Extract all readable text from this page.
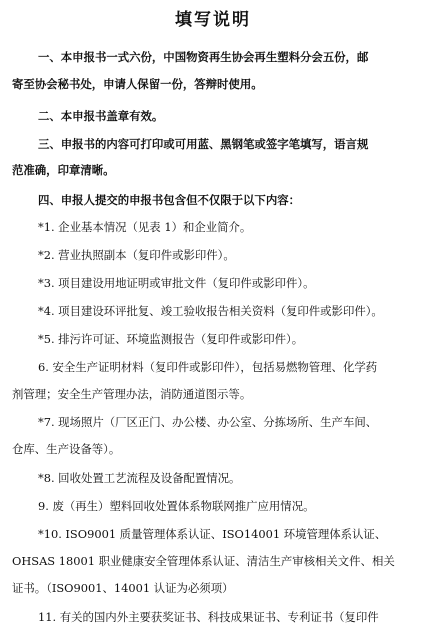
填写说明
一、本申报书一式六份，中国物资再生协会再生塑料分会五份，邮
寄至协会秘书处，申请人保留一份，答辩时使用。
二、本申报书盖章有效。
三、申报书的内容可打印或可用蓝、黑钢笔或签字笔填写，语言规
范准确，印章清晰。
四、申报人提交的申报书包含但不仅限于以下内容：
*1. 企业基本情况（见表 1）和企业简介。
*2. 营业执照副本（复印件或影印件）。
*3. 项目建设用地证明或审批文件（复印件或影印件）。
*4. 项目建设环评批复、竣工验收报告相关资料（复印件或影印件）。
*5. 排污许可证、环境监测报告（复印件或影印件）。
6. 安全生产证明材料（复印件或影印件），包括易燃物管理、化学药
剂管理；安全生产管理办法，消防通道图示等。
*7. 现场照片（厂区正门、办公楼、办公室、分拣场所、生产车间、
仓库、生产设备等）。
*8. 回收处置工艺流程及设备配置情况。
9. 废（再生）塑料回收处置体系物联网推广应用情况。
*10. ISO9001 质量管理体系认证、ISO14001 环境管理体系认证、
OHSAS 18001 职业健康安全管理体系认证、清洁生产审核相关文件、相关
证书。（ISO9001、14001 认证为必须项）
11. 有关的国内外主要获奖证书、科技成果证书、专利证书（复印件
